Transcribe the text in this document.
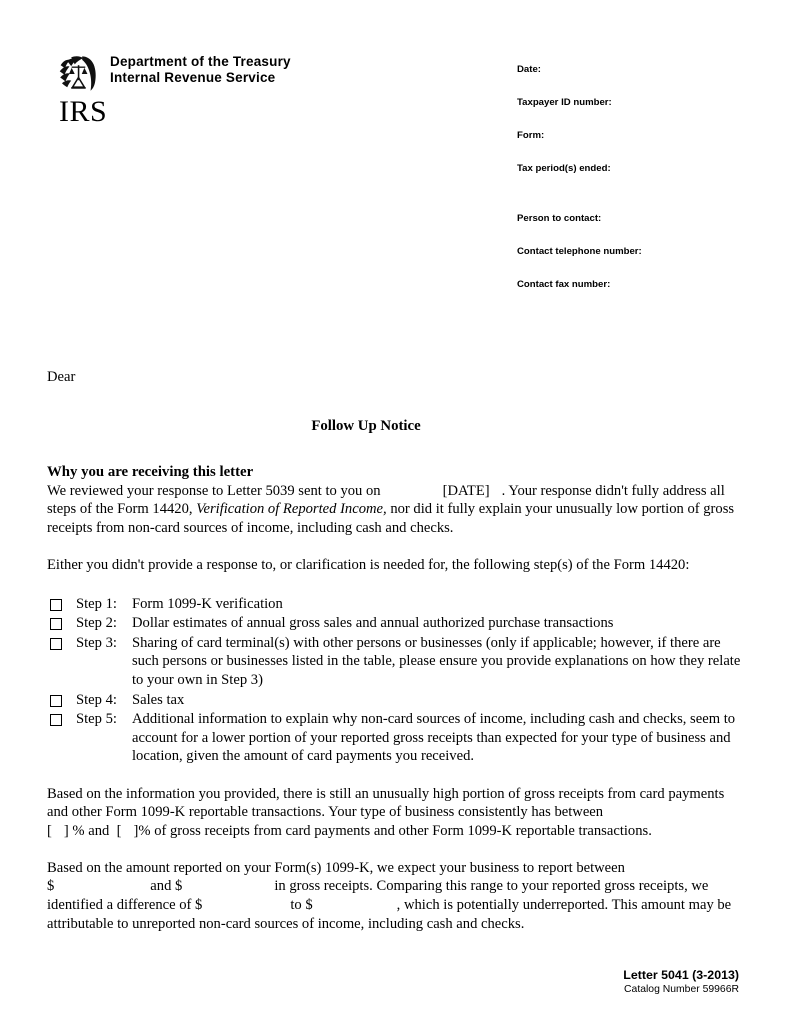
Department of the Treasury
Internal Revenue Service
IRS
Date:
Taxpayer ID number:
Form:
Tax period(s) ended:
Person to contact:
Contact telephone number:
Contact fax number:

Dear

Follow Up Notice
Why you are receiving this letter

We reviewed your response to Letter 5039 sent to you on	[DATE] . Your response didn't fully address all steps of the Form 14420, Verification of Reported Income, nor did it fully explain your unusually low portion of gross receipts from non-card sources of income, including cash and checks.

Either you didn't provide a response to, or clarification is needed for, the following step(s) of the Form 14420:

Step 1:	Form 1099-K verification
Step 2:	Dollar estimates of annual gross sales and annual authorized purchase transactions
Step 3:	Sharing of card terminal(s) with other persons or businesses (only if applicable; however, if there are such persons or businesses listed in the table, please ensure you provide explanations on how they relate to your own in Step 3)
Step 4:	Sales tax
Step 5:	Additional information to explain why non-card sources of income, including cash and checks, seem to account for a lower portion of your reported gross receipts than expected for your type of business and location, given the amount of card payments you received.

Based on the information you provided, there is still an unusually high portion of gross receipts from card payments and other Form 1099-K reportable transactions. Your type of business consistently has between
[ ] % and [ ]% of gross receipts from card payments and other Form 1099-K reportable transactions.

Based on the amount reported on your Form(s) 1099-K, we expect your business to report between
$	and $	in gross receipts. Comparing this range to your reported gross receipts, we identified a difference of $	to $	, which is potentially underreported. This amount may be attributable to unreported non-card sources of income, including cash and checks.

Letter 5041 (3-2013)
Catalog Number 59966R
